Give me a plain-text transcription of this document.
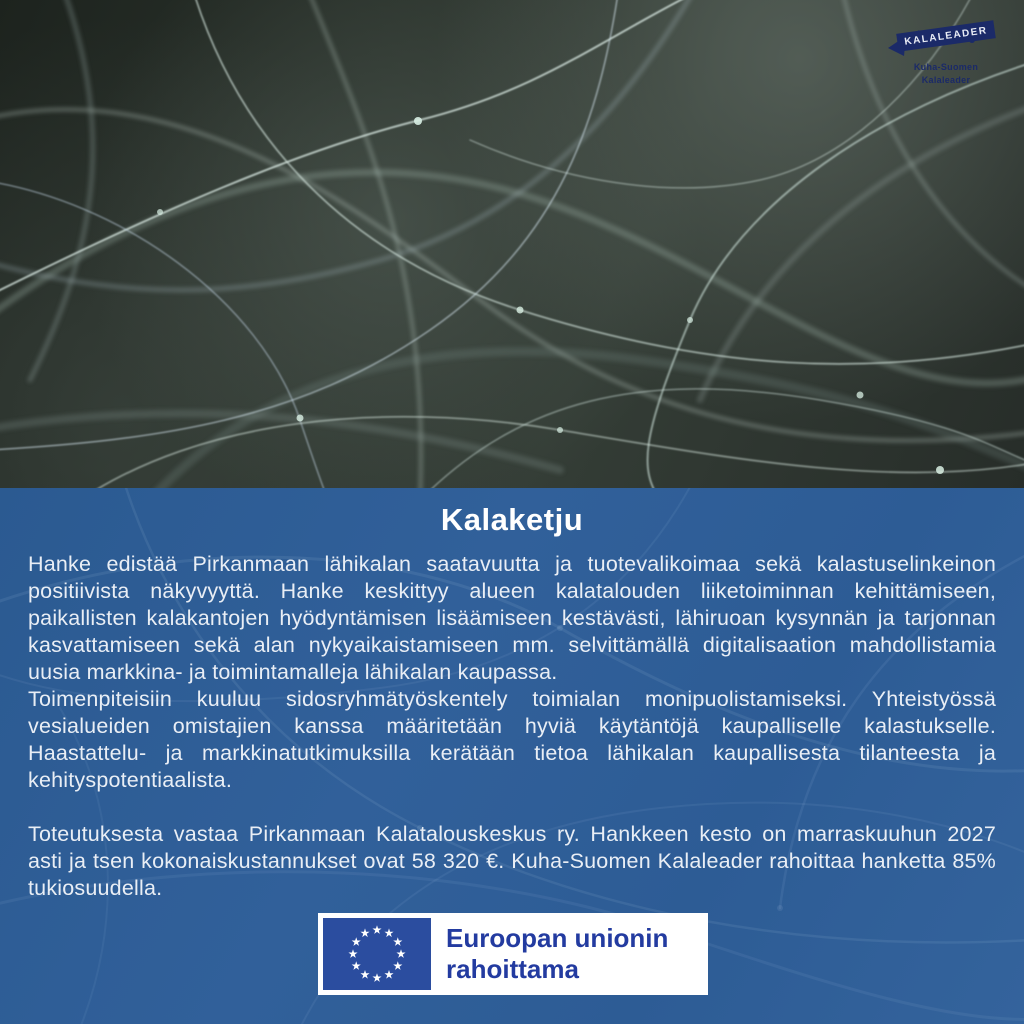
KALALEADER
Kuha-Suomen
Kalaleader
Kalaketju

Hanke edistää Pirkanmaan lähikalan saatavuutta ja tuotevalikoimaa sekä kalastuselinkeinon positiivista näkyvyyttä. Hanke keskittyy alueen kalatalouden liiketoiminnan kehittämiseen, paikallisten kalakantojen hyödyntämisen lisäämiseen kestävästi, lähiruoan kysynnän ja tarjonnan kasvattamiseen sekä alan nykyaikaistamiseen mm. selvittämällä digitalisaation mahdollistamia uusia markkina- ja toimintamalleja lähikalan kaupassa.

Toimenpiteisiin kuuluu sidosryhmätyöskentely toimialan monipuolistamiseksi. Yhteistyössä vesialueiden omistajien kanssa määritetään hyviä käytäntöjä kaupalliselle kalastukselle. Haastattelu- ja markkinatutkimuksilla kerätään tietoa lähikalan kaupallisesta tilanteesta ja kehityspotentiaalista.

Toteutuksesta vastaa Pirkanmaan Kalatalouskeskus ry. Hankkeen kesto on marraskuuhun 2027 asti ja tsen kokonaiskustannukset ovat 58 320 €. Kuha-Suomen Kalaleader rahoittaa hanketta 85% tukiosuudella.

Euroopan unionin
rahoittama
